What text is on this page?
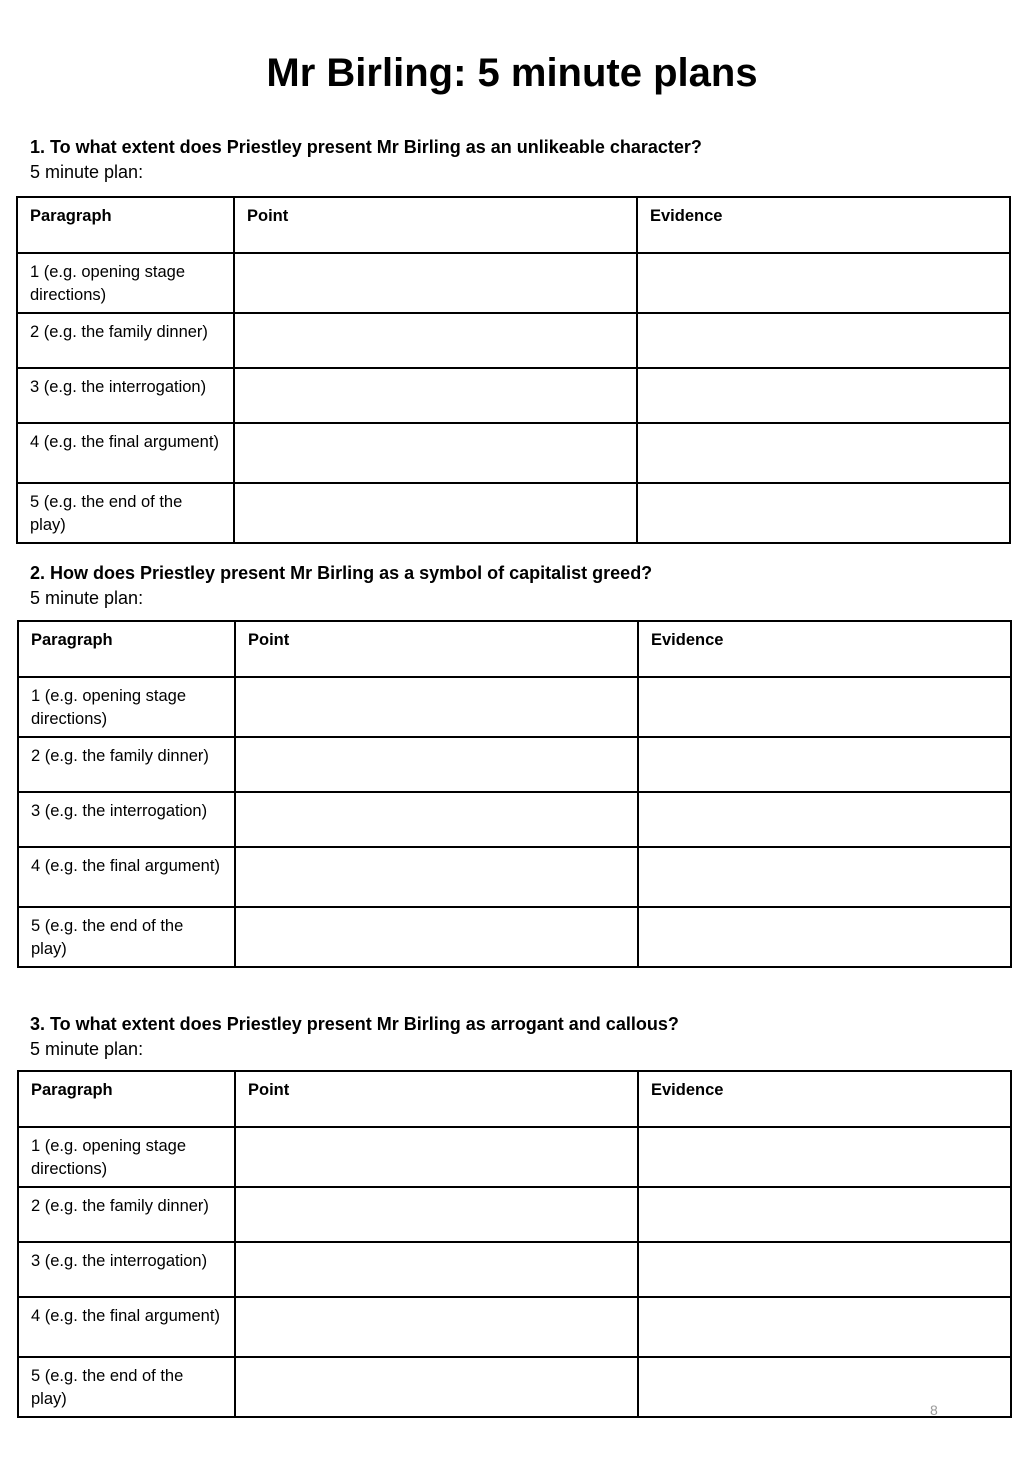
Mr Birling: 5 minute plans
1. To what extent does Priestley present Mr Birling as an unlikeable character?
5 minute plan:
Paragraph	Point	Evidence
1 (e.g. opening stage directions)		
2 (e.g. the family dinner)		
3 (e.g. the interrogation)		
4 (e.g. the final argument)		
5 (e.g. the end of the play)		
2. How does Priestley present Mr Birling as a symbol of capitalist greed?
5 minute plan:
Paragraph	Point	Evidence
1 (e.g. opening stage directions)		
2 (e.g. the family dinner)		
3 (e.g. the interrogation)		
4 (e.g. the final argument)		
5 (e.g. the end of the play)		
3. To what extent does Priestley present Mr Birling as arrogant and callous?
5 minute plan:
Paragraph	Point	Evidence
1 (e.g. opening stage directions)		
2 (e.g. the family dinner)		
3 (e.g. the interrogation)		
4 (e.g. the final argument)		
5 (e.g. the end of the play)		
8
